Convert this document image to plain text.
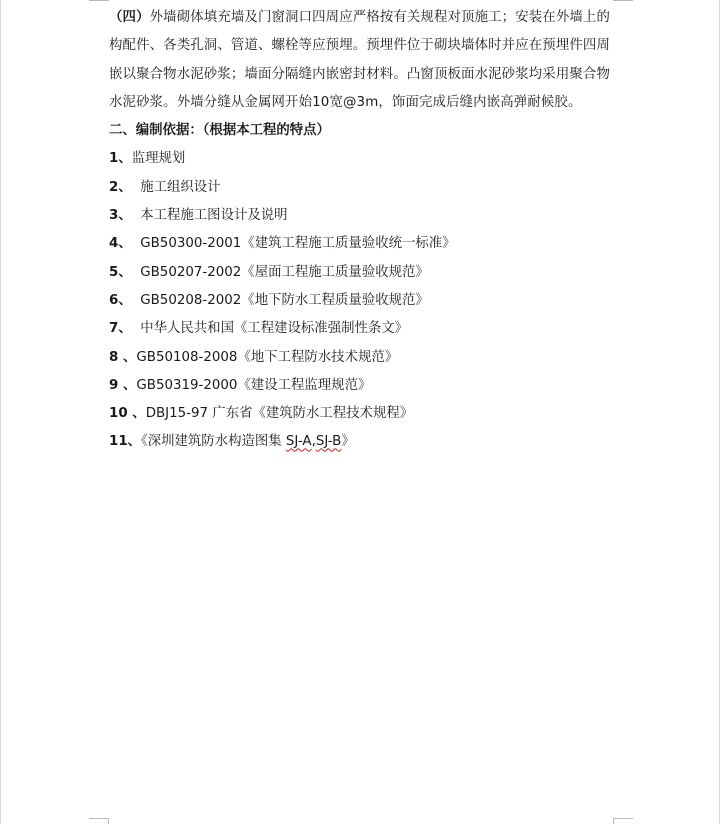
（四）外墙砌体填充墙及门窗洞口四周应严格按有关规程对顶施工；安装在外墙上的构配件、各类孔洞、管道、螺栓等应预埋。预埋件位于砌块墙体时并应在预埋件四周嵌以聚合物水泥砂浆；墙面分隔缝内嵌密封材料。凸窗顶板面水泥砂浆均采用聚合物水泥砂浆。外墙分缝从金属网开始10宽@3m，饰面完成后缝内嵌高弹耐候胶。

二、编制依据：（根据本工程的特点）

1、监理规划
2、 施工组织设计
3、 本工程施工图设计及说明
4、 GB50300-2001《建筑工程施工质量验收统一标准》
5、 GB50207-2002《屋面工程施工质量验收规范》
6、 GB50208-2002《地下防水工程质量验收规范》
7、 中华人民共和国《工程建设标准强制性条文》
8 、GB50108-2008《地下工程防水技术规范》
9 、GB50319-2000《建设工程监理规范》
10 、DBJ15-97 广东省《建筑防水工程技术规程》
11、《深圳建筑防水构造图集 SJ-A,SJ-B》
